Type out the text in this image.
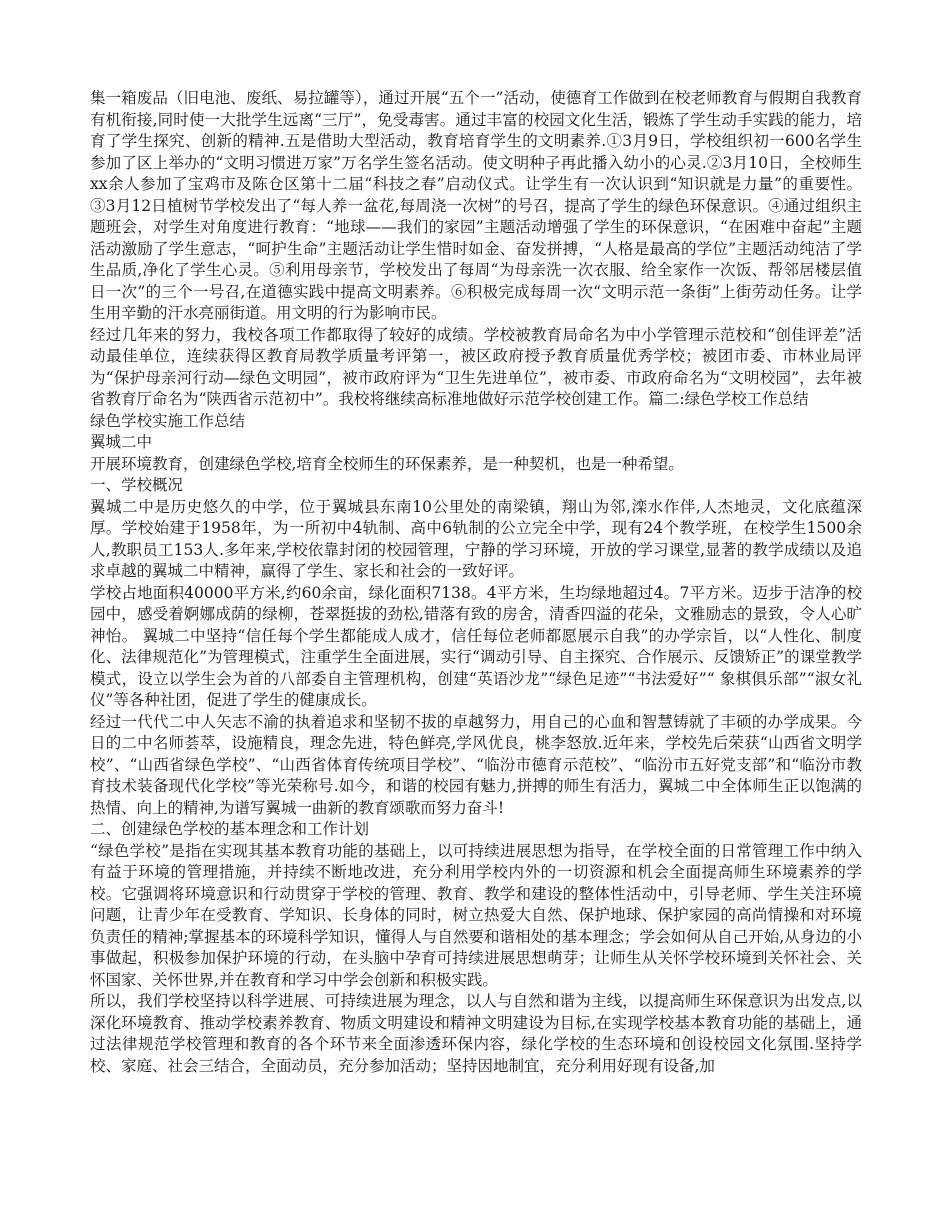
集一箱废品（旧电池、废纸、易拉罐等），通过开展“五个一”活动，使德育工作做到在校老师教育与假期自我教育有机衔接,同时使一大批学生远离“三厅”，免受毒害。通过丰富的校园文化生活，锻炼了学生动手实践的能力，培育了学生探究、创新的精神.五是借助大型活动，教育培育学生的文明素养.①3月9日，学校组织初一600名学生参加了区上举办的“文明习惯进万家”万名学生签名活动。使文明种子再此播入幼小的心灵.②3月10日，全校师生xx余人参加了宝鸡市及陈仓区第十二届“科技之春”启动仪式。让学生有一次认识到“知识就是力量”的重要性。③3月12日植树节学校发出了“每人养一盆花,每周浇一次树”的号召，提高了学生的绿色环保意识。④通过组织主题班会，对学生对角度进行教育：“地球——我们的家园”主题活动增强了学生的环保意识，“在困难中奋起”主题活动激励了学生意志，“呵护生命”主题活动让学生惜时如金、奋发拼搏，“人格是最高的学位”主题活动纯洁了学生品质,净化了学生心灵。⑤利用母亲节，学校发出了每周“为母亲洗一次衣服、给全家作一次饭、帮邻居楼层值日一次”的三个一号召,在道德实践中提高文明素养。⑥积极完成每周一次“文明示范一条街”上街劳动任务。让学生用辛勤的汗水亮丽街道。用文明的行为影响市民。

经过几年来的努力，我校各项工作都取得了较好的成绩。学校被教育局命名为中小学管理示范校和“创佳评差”活动最佳单位，连续获得区教育局教学质量考评第一，被区政府授予教育质量优秀学校；被团市委、市林业局评为“保护母亲河行动—绿色文明园”，被市政府评为“卫生先进单位”，被市委、市政府命名为“文明校园”，去年被省教育厅命名为“陕西省示范初中”。我校将继续高标准地做好示范学校创建工作。篇二:绿色学校工作总结

绿色学校实施工作总结

翼城二中

开展环境教育，创建绿色学校,培育全校师生的环保素养，是一种契机，也是一种希望。

一、学校概况

翼城二中是历史悠久的中学，位于翼城县东南10公里处的南梁镇，翔山为邻,滦水作伴,人杰地灵，文化底蕴深厚。学校始建于1958年，为一所初中4轨制、高中6轨制的公立完全中学，现有24个教学班，在校学生1500余人,教职员工153人.多年来,学校依靠封闭的校园管理，宁静的学习环境，开放的学习课堂,显著的教学成绩以及追求卓越的翼城二中精神，赢得了学生、家长和社会的一致好评。

学校占地面积40000平方米,约60余亩，绿化面积7138。4平方米，生均绿地超过4。7平方米。迈步于洁净的校园中，感受着婀娜成荫的绿柳，苍翠挺拔的劲松,错落有致的房舍，清香四溢的花朵，文雅励志的景致，令人心旷神怡。 翼城二中坚持“信任每个学生都能成人成才，信任每位老师都愿展示自我”的办学宗旨，以“人性化、制度化、法律规范化”为管理模式，注重学生全面进展，实行“调动引导、自主探究、合作展示、反馈矫正”的课堂教学模式，设立以学生会为首的八部委自主管理机构，创建“英语沙龙”“绿色足迹”“书法爱好”“ 象棋俱乐部”“淑女礼仪”等各种社团，促进了学生的健康成长。

经过一代代二中人矢志不渝的执着追求和坚韧不拔的卓越努力，用自己的心血和智慧铸就了丰硕的办学成果。今日的二中名师荟萃，设施精良，理念先进，特色鲜亮,学风优良，桃李怒放.近年来，学校先后荣获“山西省文明学校”、“山西省绿色学校”、“山西省体育传统项目学校”、“临汾市德育示范校”、“临汾市五好党支部”和“临汾市教育技术装备现代化学校”等光荣称号.如今，和谐的校园有魅力,拼搏的师生有活力，翼城二中全体师生正以饱满的热情、向上的精神,为谱写翼城一曲新的教育颂歌而努力奋斗!

二、创建绿色学校的基本理念和工作计划

“绿色学校”是指在实现其基本教育功能的基础上，以可持续进展思想为指导，在学校全面的日常管理工作中纳入有益于环境的管理措施，并持续不断地改进，充分利用学校内外的一切资源和机会全面提高师生环境素养的学校。它强调将环境意识和行动贯穿于学校的管理、教育、教学和建设的整体性活动中，引导老师、学生关注环境问题，让青少年在受教育、学知识、长身体的同时，树立热爱大自然、保护地球、保护家园的高尚情操和对环境负责任的精神;掌握基本的环境科学知识，懂得人与自然要和谐相处的基本理念；学会如何从自己开始,从身边的小事做起，积极参加保护环境的行动，在头脑中孕育可持续进展思想萌芽；让师生从关怀学校环境到关怀社会、关怀国家、关怀世界,并在教育和学习中学会创新和积极实践。

所以，我们学校坚持以科学进展、可持续进展为理念，以人与自然和谐为主线，以提高师生环保意识为出发点,以深化环境教育、推动学校素养教育、物质文明建设和精神文明建设为目标,在实现学校基本教育功能的基础上，通过法律规范学校管理和教育的各个环节来全面渗透环保内容，绿化学校的生态环境和创设校园文化氛围.坚持学校、家庭、社会三结合，全面动员，充分参加活动；坚持因地制宜，充分利用好现有设备,加
